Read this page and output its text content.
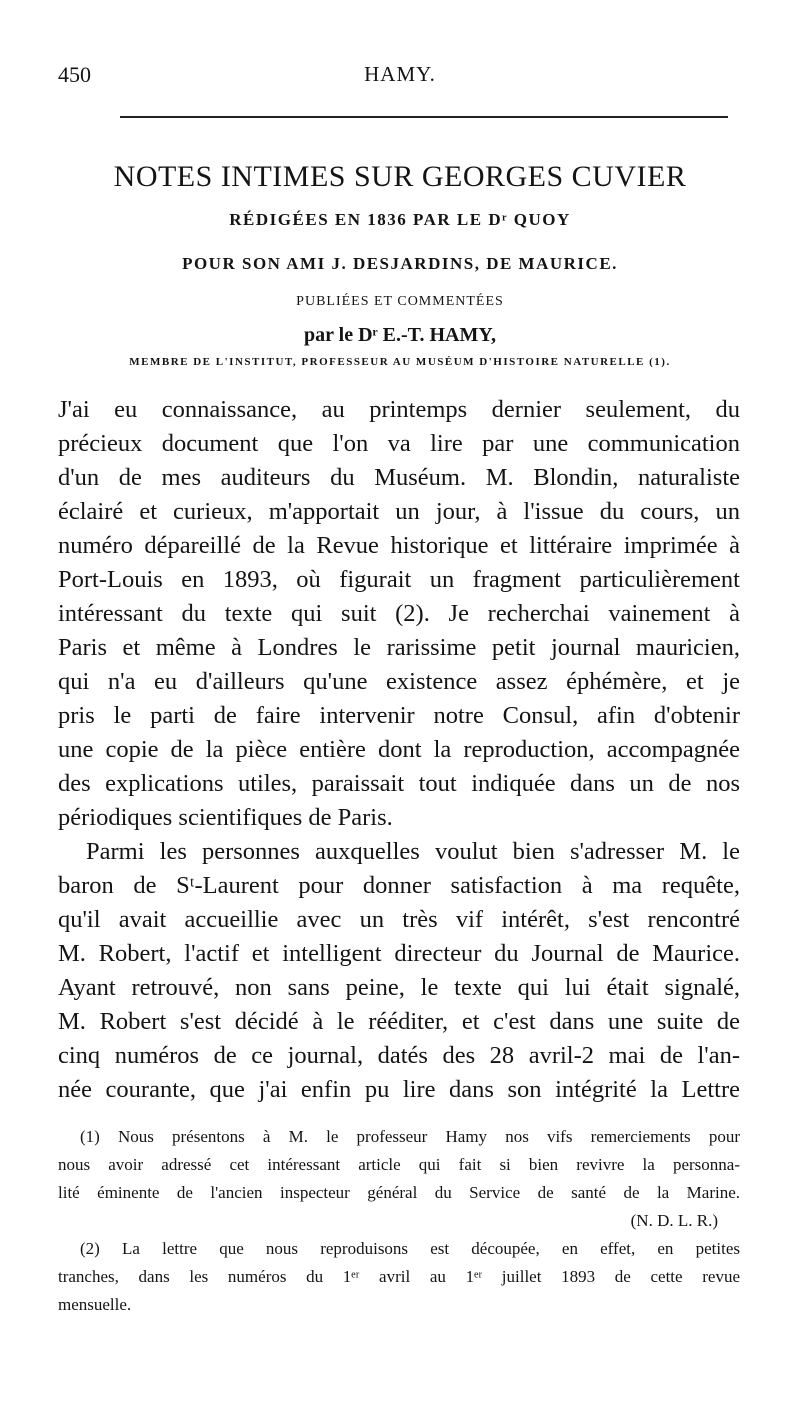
450	HAMY.
NOTES INTIMES SUR GEORGES CUVIER
RÉDIGÉES EN 1836 PAR LE Dʳ QUOY
POUR SON AMI J. DESJARDINS, DE MAURICE.
PUBLIÉES ET COMMENTÉES
par le Dʳ E.-T. HAMY,
MEMBRE DE L'INSTITUT, PROFESSEUR AU MUSÉUM D'HISTOIRE NATURELLE (1).
J'ai eu connaissance, au printemps dernier seulement, du
précieux document que l'on va lire par une communication
d'un de mes auditeurs du Muséum. M. Blondin, naturaliste
éclairé et curieux, m'apportait un jour, à l'issue du cours, un
numéro dépareillé de la Revue historique et littéraire imprimée à
Port-Louis en 1893, où figurait un fragment particulièrement
intéressant du texte qui suit (2). Je recherchai vainement à
Paris et même à Londres le rarissime petit journal mauricien,
qui n'a eu d'ailleurs qu'une existence assez éphémère, et je
pris le parti de faire intervenir notre Consul, afin d'obtenir
une copie de la pièce entière dont la reproduction, accompagnée
des explications utiles, paraissait tout indiquée dans un de nos
périodiques scientifiques de Paris.
Parmi les personnes auxquelles voulut bien s'adresser M. le
baron de Sᵗ-Laurent pour donner satisfaction à ma requête,
qu'il avait accueillie avec un très vif intérêt, s'est rencontré
M. Robert, l'actif et intelligent directeur du Journal de Maurice.
Ayant retrouvé, non sans peine, le texte qui lui était signalé,
M. Robert s'est décidé à le rééditer, et c'est dans une suite de
cinq numéros de ce journal, datés des 28 avril-2 mai de l'an-
née courante, que j'ai enfin pu lire dans son intégrité la Lettre
(1) Nous présentons à M. le professeur Hamy nos vifs remerciements pour
nous avoir adressé cet intéressant article qui fait si bien revivre la personna-
lité éminente de l'ancien inspecteur général du Service de santé de la Marine.
(N. D. L. R.)
(2) La lettre que nous reproduisons est découpée, en effet, en petites
tranches, dans les numéros du 1ᵉʳ avril au 1ᵉʳ juillet 1893 de cette revue
mensuelle.
